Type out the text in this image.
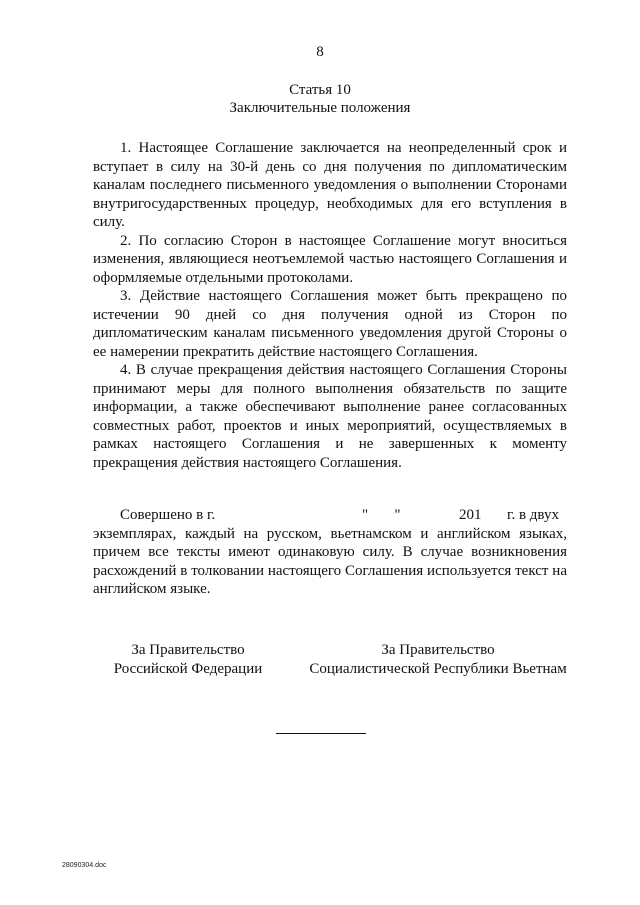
8
Статья 10
Заключительные положения

1. Настоящее Соглашение заключается на неопределенный срок и вступает в силу на 30-й день со дня получения по дипломатическим каналам последнего письменного уведомления о выполнении Сторонами внутригосударственных процедур, необходимых для его вступления в силу.

2. По согласию Сторон в настоящее Соглашение могут вноситься изменения, являющиеся неотъемлемой частью настоящего Соглашения и оформляемые отдельными протоколами.

3. Действие настоящего Соглашения может быть прекращено по истечении 90 дней со дня получения одной из Сторон по дипломатическим каналам письменного уведомления другой Стороны о ее намерении прекратить действие настоящего Соглашения.

4. В случае прекращения действия настоящего Соглашения Стороны принимают меры для полного выполнения обязательств по защите информации, а также обеспечивают выполнение ранее согласованных совместных работ, проектов и иных мероприятий, осуществляемых в рамках настоящего Соглашения и не завершенных к моменту прекращения действия настоящего Соглашения.

Совершено в г.	"       "	201 г. в двух
экземплярах, каждый на русском, вьетнамском и английском языках, причем все тексты имеют одинаковую силу. В случае возникновения расхождений в толковании настоящего Соглашения используется текст на английском языке.
За Правительство
Российской Федерации
За Правительство
Социалистической Республики Вьетнам
28090304.doc
